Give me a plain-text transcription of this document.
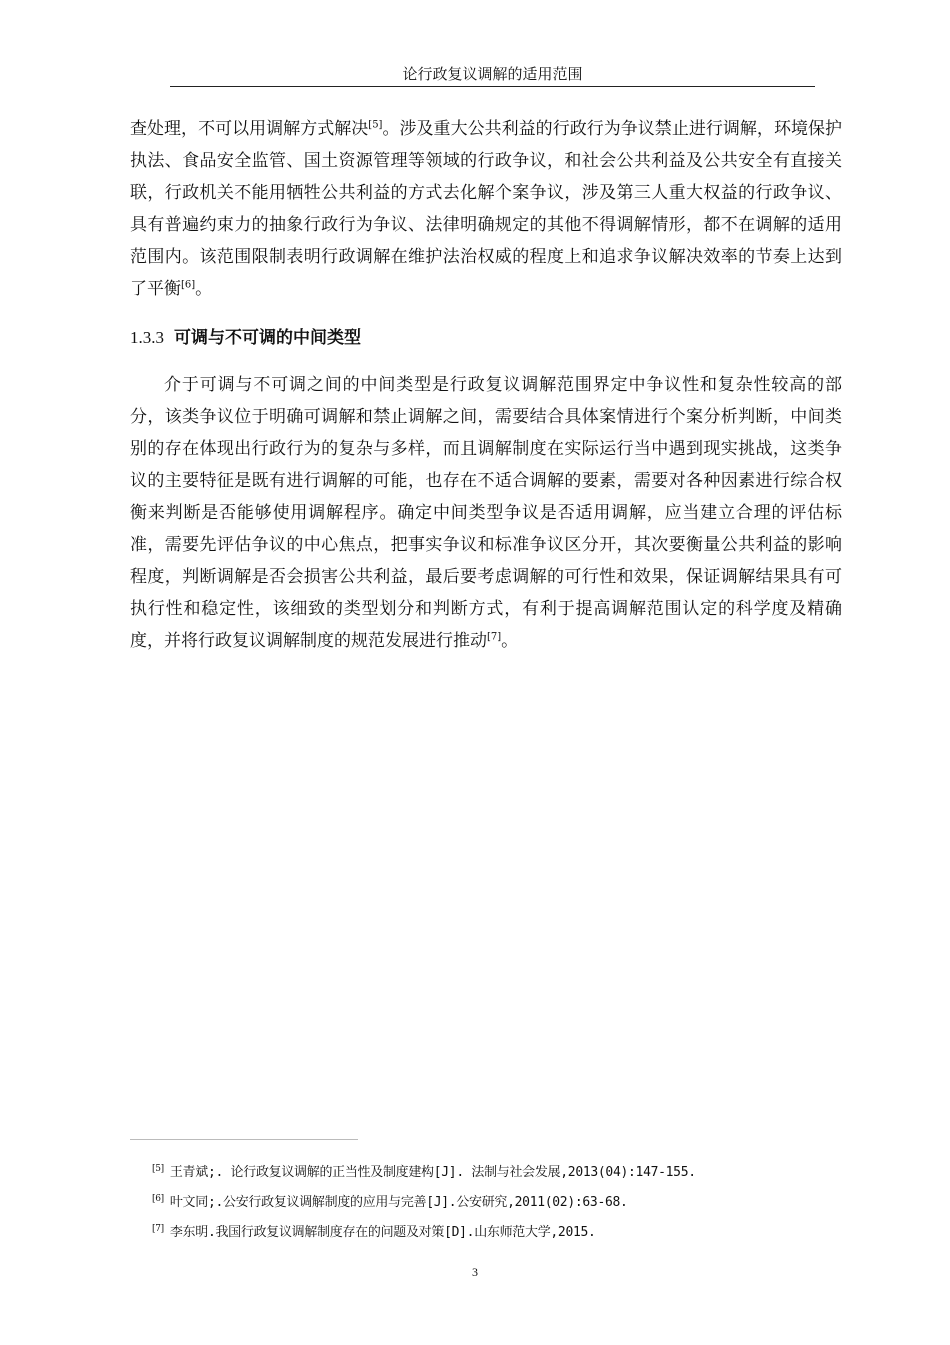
论行政复议调解的适用范围

查处理，不可以用调解方式解决[5]。涉及重大公共利益的行政行为争议禁止进行调解，环境保护执法、食品安全监管、国土资源管理等领域的行政争议，和社会公共利益及公共安全有直接关联，行政机关不能用牺牲公共利益的方式去化解个案争议，涉及第三人重大权益的行政争议、具有普遍约束力的抽象行政行为争议、法律明确规定的其他不得调解情形，都不在调解的适用范围内。该范围限制表明行政调解在维护法治权威的程度上和追求争议解决效率的节奏上达到了平衡[6]。

1.3.3 可调与不可调的中间类型

介于可调与不可调之间的中间类型是行政复议调解范围界定中争议性和复杂性较高的部分，该类争议位于明确可调解和禁止调解之间，需要结合具体案情进行个案分析判断，中间类别的存在体现出行政行为的复杂与多样，而且调解制度在实际运行当中遇到现实挑战，这类争议的主要特征是既有进行调解的可能，也存在不适合调解的要素，需要对各种因素进行综合权衡来判断是否能够使用调解程序。确定中间类型争议是否适用调解，应当建立合理的评估标准，需要先评估争议的中心焦点，把事实争议和标准争议区分开，其次要衡量公共利益的影响程度，判断调解是否会损害公共利益，最后要考虑调解的可行性和效果，保证调解结果具有可执行性和稳定性，该细致的类型划分和判断方式，有利于提高调解范围认定的科学度及精确度，并将行政复议调解制度的规范发展进行推动[7]。

[5] 王青斌;. 论行政复议调解的正当性及制度建构[J]. 法制与社会发展,2013(04):147-155.
[6] 叶文同;.公安行政复议调解制度的应用与完善[J].公安研究,2011(02):63-68.
[7] 李东明.我国行政复议调解制度存在的问题及对策[D].山东师范大学,2015.
3
